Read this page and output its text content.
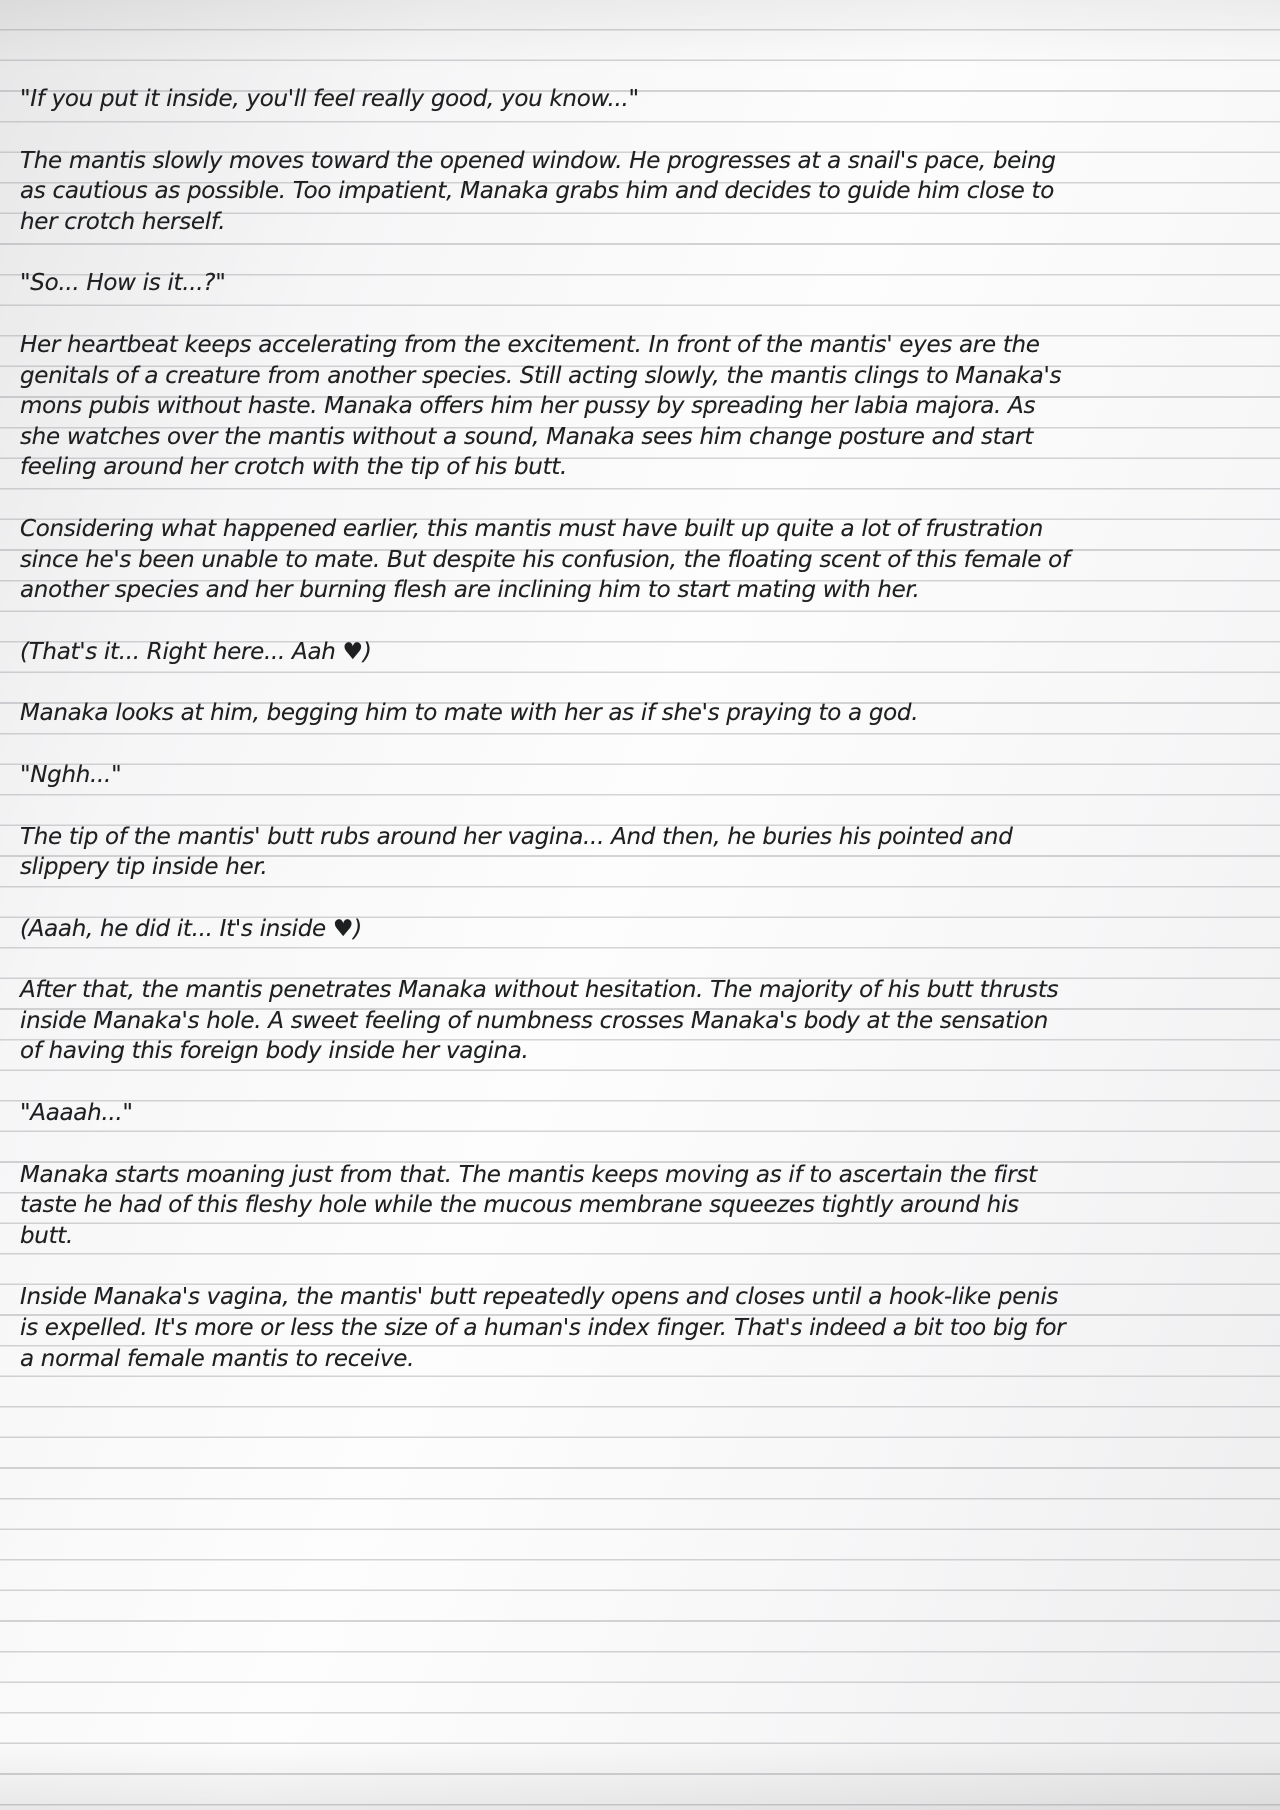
"If you put it inside, you'll feel really good, you know..."

The mantis slowly moves toward the opened window. He progresses at a snail's pace, being as cautious as possible. Too impatient, Manaka grabs him and decides to guide him close to her crotch herself.

"So... How is it...?"

Her heartbeat keeps accelerating from the excitement. In front of the mantis' eyes are the genitals of a creature from another species. Still acting slowly, the mantis clings to Manaka's mons pubis without haste. Manaka offers him her pussy by spreading her labia majora. As she watches over the mantis without a sound, Manaka sees him change posture and start feeling around her crotch with the tip of his butt.

Considering what happened earlier, this mantis must have built up quite a lot of frustration since he's been unable to mate. But despite his confusion, the floating scent of this female of another species and her burning flesh are inclining him to start mating with her.

(That's it... Right here... Aah ♥)

Manaka looks at him, begging him to mate with her as if she's praying to a god.

"Nghh..."

The tip of the mantis' butt rubs around her vagina... And then, he buries his pointed and slippery tip inside her.

(Aaah, he did it... It's inside ♥)

After that, the mantis penetrates Manaka without hesitation. The majority of his butt thrusts inside Manaka's hole. A sweet feeling of numbness crosses Manaka's body at the sensation of having this foreign body inside her vagina.

"Aaaah..."

Manaka starts moaning just from that. The mantis keeps moving as if to ascertain the first taste he had of this fleshy hole while the mucous membrane squeezes tightly around his butt.

Inside Manaka's vagina, the mantis' butt repeatedly opens and closes until a hook-like penis is expelled. It's more or less the size of a human's index finger. That's indeed a bit too big for a normal female mantis to receive.
